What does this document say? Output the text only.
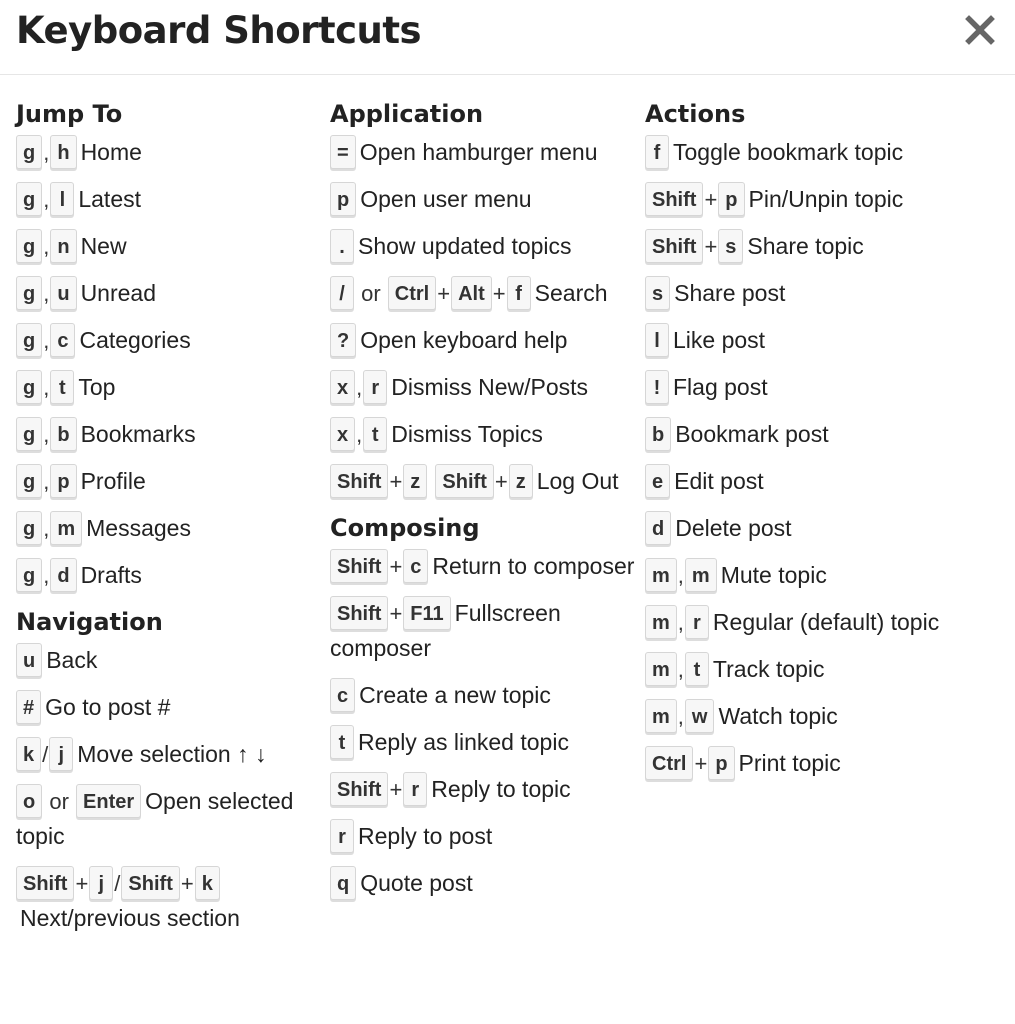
Keyboard Shortcuts
Jump To
g , h Home
g , l Latest
g , n New
g , u Unread
g , c Categories
g , t Top
g , b Bookmarks
g , p Profile
g , m Messages
g , d Drafts
Navigation
u Back
# Go to post #
k / j Move selection ↑ ↓
o or Enter Open selected topic
Shift + j / Shift + kNext/previous section
Application
= Open hamburger menu
p Open user menu
. Show updated topics
/ or Ctrl + Alt + f Search
? Open keyboard help
x , r Dismiss New/Posts
x , t Dismiss Topics
Shift + z Shift + z Log Out
Composing
Shift + c Return to composer
Shift + F11 Fullscreen composer
c Create a new topic
t Reply as linked topic
Shift + r Reply to topic
r Reply to post
q Quote post
Actions
f Toggle bookmark topic
Shift + p Pin/Unpin topic
Shift + s Share topic
s Share post
l Like post
! Flag post
b Bookmark post
e Edit post
d Delete post
m , m Mute topic
m , r Regular (default) topic
m , t Track topic
m , w Watch topic
Ctrl + p Print topic
